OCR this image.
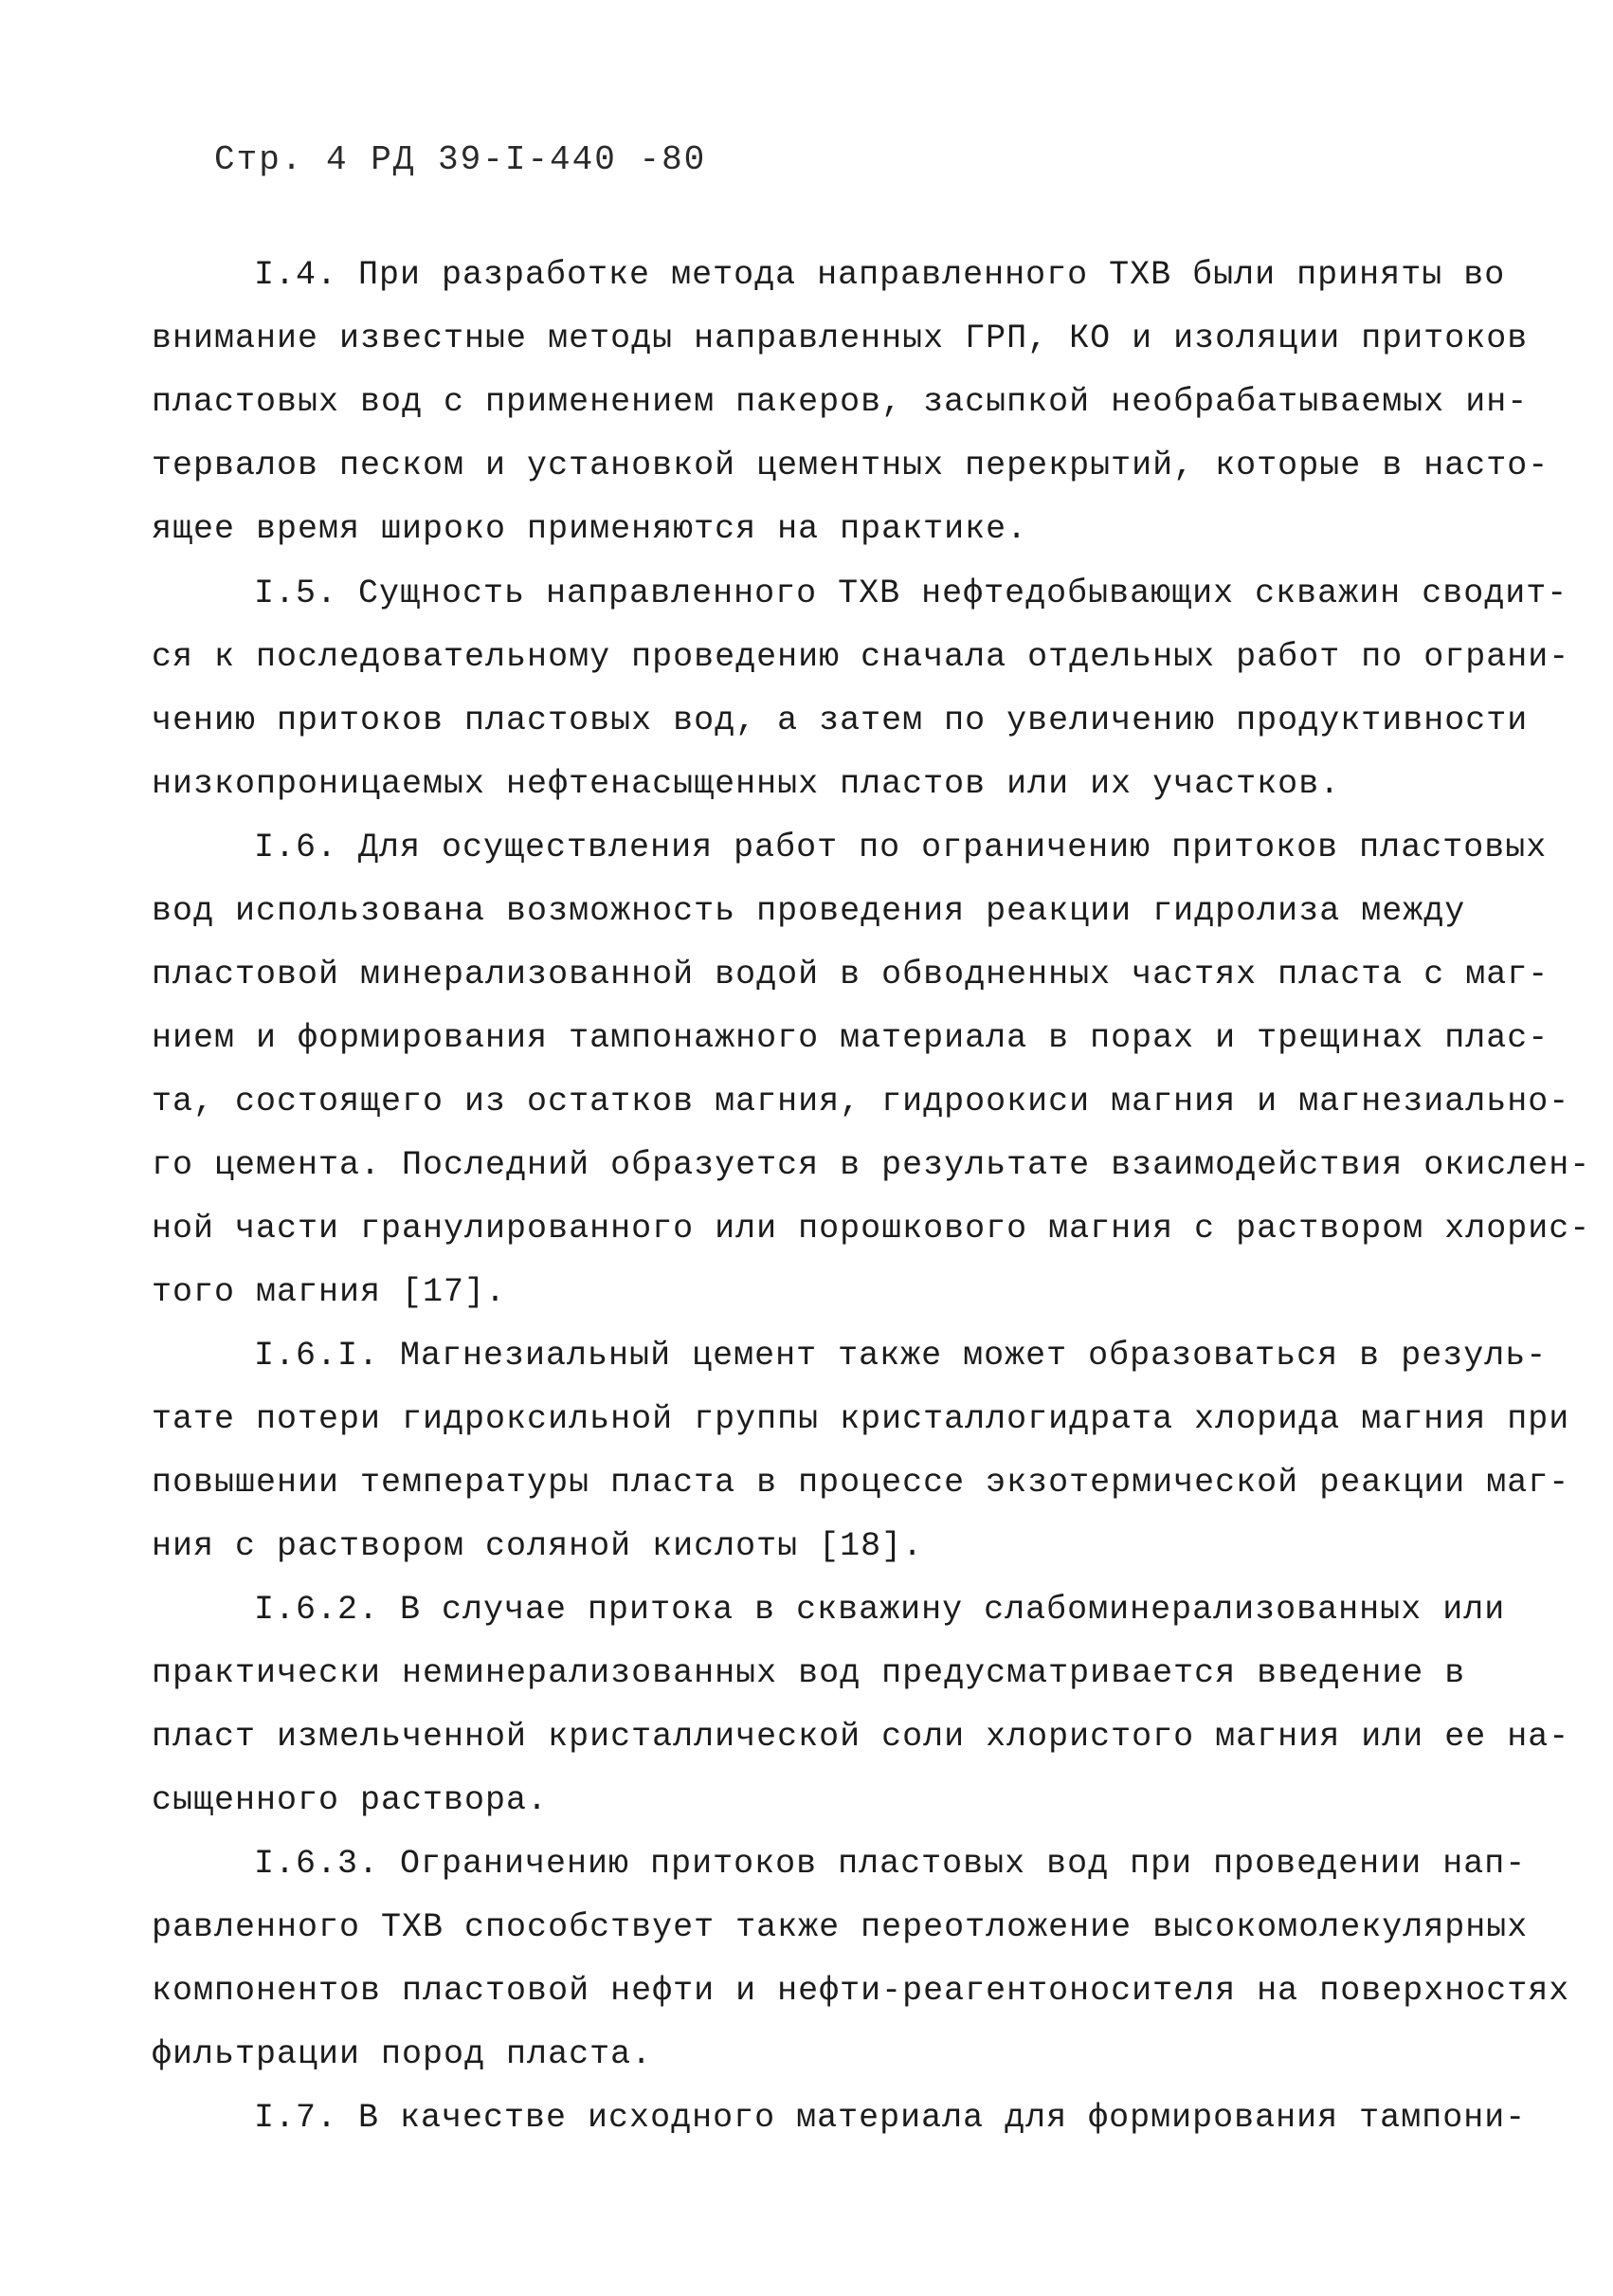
Стр. 4 РД 39-I-440 -80
I.4. При разработке метода направленного ТХВ были приняты во
внимание известные методы направленных ГРП, КО и изоляции притоков
пластовых вод с применением пакеров, засыпкой необрабатываемых ин-
тервалов песком и установкой цементных перекрытий, которые в насто-
ящее время широко применяются на практике.
I.5. Сущность направленного ТХВ нефтедобывающих скважин сводит-
ся к последовательному проведению сначала отдельных работ по ограни-
чению притоков пластовых вод, а затем по увеличению продуктивности
низкопроницаемых нефтенасыщенных пластов или их участков.
I.6. Для осуществления работ по ограничению притоков пластовых
вод использована возможность проведения реакции гидролиза между
пластовой минерализованной водой в обводненных частях пласта с маг-
нием и формирования тампонажного материала в порах и трещинах плас-
та, состоящего из остатков магния, гидроокиси магния и магнезиально-
го цемента. Последний образуется в результате взаимодействия окислен-
ной части гранулированного или порошкового магния с раствором хлорис-
того магния [17].
I.6.I. Магнезиальный цемент также может образоваться в резуль-
тате потери гидроксильной группы кристаллогидрата хлорида магния при
повышении температуры пласта в процессе экзотермической реакции маг-
ния с раствором соляной кислоты [18].
I.6.2. В случае притока в скважину слабоминерализованных или
практически неминерализованных вод предусматривается введение в
пласт измельченной кристаллической соли хлористого магния или ее на-
сыщенного раствора.
I.6.3. Ограничению притоков пластовых вод при проведении нап-
равленного ТХВ способствует также переотложение высокомолекулярных
компонентов пластовой нефти и нефти-реагентоносителя на поверхностях
фильтрации пород пласта.
I.7. В качестве исходного материала для формирования тампони-
